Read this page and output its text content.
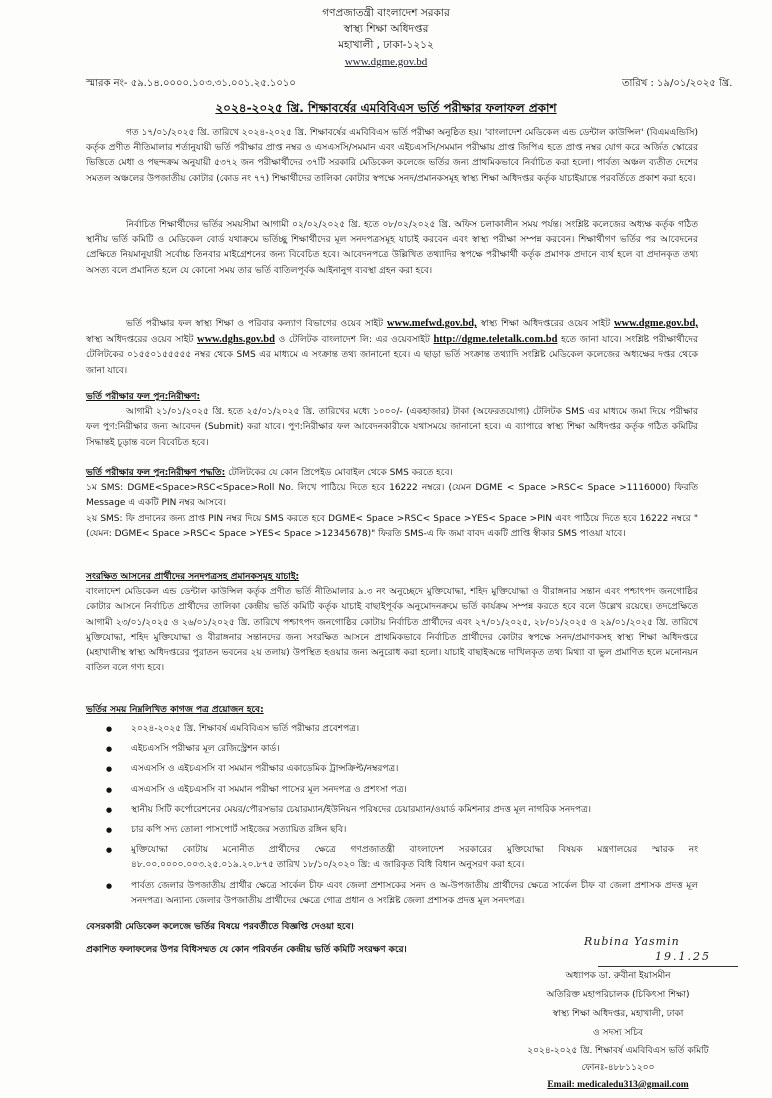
গণপ্রজাতন্ত্রী বাংলাদেশ সরকার
স্বাস্থ্য শিক্ষা অধিদপ্তর
মহাখালী , ঢাকা-১২১২
www.dgme.gov.bd
স্মারক নং- ৫৯.১৪.০০০০.১০৩.৩১.০০১.২৫.১০১০	তারিখ : ১৯/০১/২০২৫ খ্রি.
২০২৪-২০২৫ খ্রি. শিক্ষাবর্ষের এমবিবিএস ভর্তি পরীক্ষার ফলাফল প্রকাশ
গত ১৭/০১/২০২৫ খ্রি. তারিখে ২০২৪-২০২৫ খ্রি. শিক্ষাবর্ষের এমবিবিএস ভর্তি পরীক্ষা অনুষ্ঠিত হয়। 'বাংলাদেশ মেডিকেল এন্ড ডেন্টাল কাউন্সিল' (বিএমএন্ডিসি) কর্তৃক প্রণীত নীতিমালার শর্তানুযায়ী ভর্তি পরীক্ষার প্রাপ্ত নম্বর ও এসএসসি/সমমান এবং এইচএসসি/সমমান পরীক্ষায় প্রাপ্ত জিপিএ হতে প্রাপ্ত নম্বর যোগ করে অর্জিত স্কোরের ভিত্তিতে মেধা ও পছন্দক্রম অনুযায়ী ৫৩৭২ জন পরীক্ষার্থীদের ৩৭টি সরকারি মেডিকেল কলেজে ভর্তির জন্য প্রাথমিকভাবে নির্বাচিত করা হলো। পার্বত্য অঞ্চল ব্যতীত দেশের সমতল অঞ্চলের উপজাতীয় কোটার (কোড নং ৭৭) শিক্ষার্থীদের তালিকা কোটার স্বপক্ষে সনদ/প্রমানকসমূহ স্বাস্থ্য শিক্ষা অধিদপ্তর কর্তৃক যাচাইয়ান্তে পরবর্তিতে প্রকাশ করা হবে।
নির্বাচিত শিক্ষার্থীদের ভর্তির সময়সীমা আগামী ০২/০২/২০২৫ খ্রি. হতে ০৮/০২/২০২৫ খ্রি. অফিস চলাকালীন সময় পর্যন্ত। সংশ্লিষ্ট কলেজের অধ্যক্ষ কর্তৃক গঠিত স্থানীয় ভর্তি কমিটি ও মেডিকেল বোর্ড যথাক্রমে ভর্তিচ্ছু শিক্ষার্থীদের মূল সনদপত্রসমূহ যাচাই করবেন এবং স্বাস্থ্য পরীক্ষা সম্পন্ন করবেন। শিক্ষার্থীগণ ভর্তির পর আবেদনের প্রেক্ষিতে নিয়মানুযায়ী সর্বোচ্চ তিনবার মাইগ্রেশনের জন্য বিবেচিত হবে। আবেদনপত্রে উল্লিখিত তথ্যাদির স্বপক্ষে পরীক্ষার্থী কর্তৃক প্রমাণক প্রদানে ব্যর্থ হলে বা প্রদানকৃত তথ্য অসত্য বলে প্রমানিত হলে যে কোনো সময় তার ভর্তি বাতিলপূর্বক আইনানুগ ব্যবস্থা গ্রহন করা হবে।
ভর্তি পরীক্ষার ফল স্বাস্থ্য শিক্ষা ও পরিবার কল্যাণ বিভাগের ওয়েব সাইট www.mefwd.gov.bd, স্বাস্থ্য শিক্ষা অধিদপ্তরের ওয়েব সাইট www.dgme.gov.bd, স্বাস্থ্য অধিদপ্তরের ওয়েব সাইট www.dghs.gov.bd ও টেলিটক বাংলাদেশ লি: এর ওয়েবসাইট http://dgme.teletalk.com.bd হতে জানা যাবে। সংশ্লিষ্ট পরীক্ষার্থীদের টেলিটকের ০১৫৫০১৫৫৫৫৫ নম্বর থেকে SMS এর মাধ্যমে এ সংক্রান্ত তথ্য জানানো হবে। এ ছাড়া ভর্তি সংক্রান্ত তথ্যাদি সংশ্লিষ্ট মেডিকেল কলেজের অধ্যক্ষের দপ্তর থেকে জানা যাবে।
ভর্তি পরীক্ষার ফল পুন:নিরীক্ষণ:
আগামী ২১/০১/২০২৫ খ্রি. হতে ২৫/০১/২০২৫ খ্রি. তারিখের মধ্যে ১০০০/- (একহাজার) টাকা (অফেরতযোগ্য) টেলিটক SMS এর মাধ্যমে জমা দিয়ে পরীক্ষার ফল পুণ:নিরীক্ষার জন্য আবেদন (Submit) করা যাবে। পুণ:নিরীক্ষার ফল আবেদনকারীকে যথাসময়ে জানানো হবে। এ ব্যাপারে স্বাস্থ্য শিক্ষা অধিদপ্তর কর্তৃক গঠিত কমিটির সিদ্ধান্তই চূড়ান্ত বলে বিবেচিত হবে।
ভর্তি পরীক্ষার ফল পুন:নিরীক্ষণ পদ্ধতি: টেলিটকের যে কোন প্রিপেইড মোবাইল থেকে SMS করতে হবে।
১ম SMS: DGME<Space>RSC<Space>Roll No. লিখে পাঠিয়ে দিতে হবে 16222 নম্বরে। (যেমন DGME < Space >RSC< Space >1116000) ফিরতি Message এ একটি PIN নম্বর আসবে।
২য় SMS: ফি প্রদানের জন্য প্রাপ্ত PIN নম্বর দিয়ে SMS করতে হবে DGME< Space >RSC< Space >YES< Space >PIN এবং পাঠিয়ে দিতে হবে 16222 নম্বরে "(যেমন: DGME< Space >RSC< Space >YES< Space >12345678)" ফিরতি SMS-এ ফি জমা বাবদ একটি প্রাপ্তি স্বীকার SMS পাওয়া যাবে।
সংরক্ষিত আসনের প্রার্থীদের সনদপত্রসহ প্রমানকসমূহ যাচাই:
বাংলাদেশ মেডিকেল এন্ড ডেন্টাল কাউন্সিল কর্তৃক প্রণীত ভর্তি নীতিমালার ৯.৩ নং অনুচ্ছেদে মুক্তিযোদ্ধা, শহিদ মুক্তিযোদ্ধা ও বীরাঙ্গনার সন্তান এবং পশ্চাৎপদ জনগোষ্ঠির কোটার আসনে নির্বাচিত প্রার্থীদের তালিকা কেন্দ্রীয় ভর্তি কমিটি কর্তৃক যাচাই বাছাইপূর্বক অনুমোদনক্রমে ভর্তি কার্যক্রম সম্পন্ন করতে হবে বলে উল্লেখ রয়েছে। তদপ্রেক্ষিতে আগামী ২৩/০১/২০২৫ ও ২৬/০১/২০২৫ খ্রি. তারিখে পশ্চাৎপদ জনগোষ্ঠির কোটায় নির্বাচিত প্রার্থীদের এবং ২৭/০১/২০২৫, ২৮/০১/২০২৫ ও ২৯/০১/২০২৫ খ্রি. তারিখে মুক্তিযোদ্ধা, শহিদ মুক্তিযোদ্ধা ও বীরাঙ্গনার সন্তানদের জন্য সংরক্ষিত আসনে প্রাথমিকভাবে নির্বাচিত প্রার্থীদের কোটার স্বপক্ষে সনদ/প্রমাণকসহ স্বাস্থ্য শিক্ষা অধিদপ্তরে (মহাখালীস্থ স্বাস্থ্য অধিদপ্তরের পুরাতন ভবনের ২য় তলায়) উপস্থিত হওয়ার জন্য অনুরোধ করা হলো। যাচাই বাছাইঅন্তে দাখিলকৃত তথ্য মিথ্যা বা ভুল প্রমাণিত হলে মনোনয়ন বাতিল বলে গণ্য হবে।
ভর্তির সময় নিম্নলিখিত কাগজ পত্র প্রয়োজন হবে:
● ২০২৪-২০২৫ খ্রি. শিক্ষাবর্ষ এমবিবিএস ভর্তি পরীক্ষার প্রবেশপত্র।
● এইচএসসি পরীক্ষার মূল রেজিস্ট্রেশন কার্ড।
● এসএসসি ও এইচএসসি বা সমমান পরীক্ষার একাডেমিক ট্রান্সক্রিপ্ট/নম্বরপত্র।
● এসএসসি ও এইচএসসি বা সমমান পরীক্ষা পাসের মূল সনদপত্র ও প্রশংসা পত্র।
● স্থানীয় সিটি কর্পোরেশনের মেয়র/পৌরসভার চেয়ারম্যান/ইউনিয়ন পরিষদের চেয়ারম্যান/ওয়ার্ড কমিশনার প্রদত্ত মূল নাগরিক সনদপত্র।
● চার কপি সদ্য তোলা পাসপোর্ট সাইজের সত্যায়িত রঙ্গিন ছবি।
● মুক্তিযোদ্ধা কোটায় মনোনীত প্রার্থীদের ক্ষেত্রে গণপ্রজাতন্ত্রী বাংলাদেশ সরকারের মুক্তিযোদ্ধা বিষয়ক মন্ত্রণালয়ের স্মারক নং ৪৮.০০.০০০০.০০৩.২৫.০১৯.২০.৮৭৫ তারিখ ১৮/১০/২০২০ খ্রি: এ জারিকৃত বিধি বিধান অনুসরণ করা হবে।
● পার্বত্য জেলার উপজাতীয় প্রার্থীর ক্ষেত্রে সার্কেল চীফ এবং জেলা প্রশাসকের সনদ ও অ-উপজাতীয় প্রার্থীদের ক্ষেত্রে সার্কেল চীফ বা জেলা প্রশাসক প্রদত্ত মূল সনদপত্র। অন্যান্য জেলার উপজাতীয় প্রার্থীদের ক্ষেত্রে গোত্র প্রধান ও সংশ্লিষ্ট জেলা প্রশাসক প্রদত্ত মূল সনদপত্র।
বেসরকারী মেডিকেল কলেজে ভর্তির বিষয়ে পরবর্তীতে বিজ্ঞপ্তি দেওয়া হবে।
প্রকাশিত ফলাফলের উপর বিধিসম্মত যে কোন পরিবর্তন কেন্দ্রীয় ভর্তি কমিটি সংরক্ষণ করে।
Rubina Yasmin
19.1.25
অধ্যাপক ডা. রুবীনা ইয়াসমীন
অতিরিক্ত মহাপরিচালক (চিকিৎসা শিক্ষা)
স্বাস্থ্য শিক্ষা অধিদপ্তর, মহাখালী, ঢাকা
ও সদস্য সচিব
২০২৪-২০২৫ খ্রি. শিক্ষাবর্ষ এমবিবিএস ভর্তি কমিটি
ফোনঃ-৪৮৮১১২০০
Email: medicaledu313@gmail.com
